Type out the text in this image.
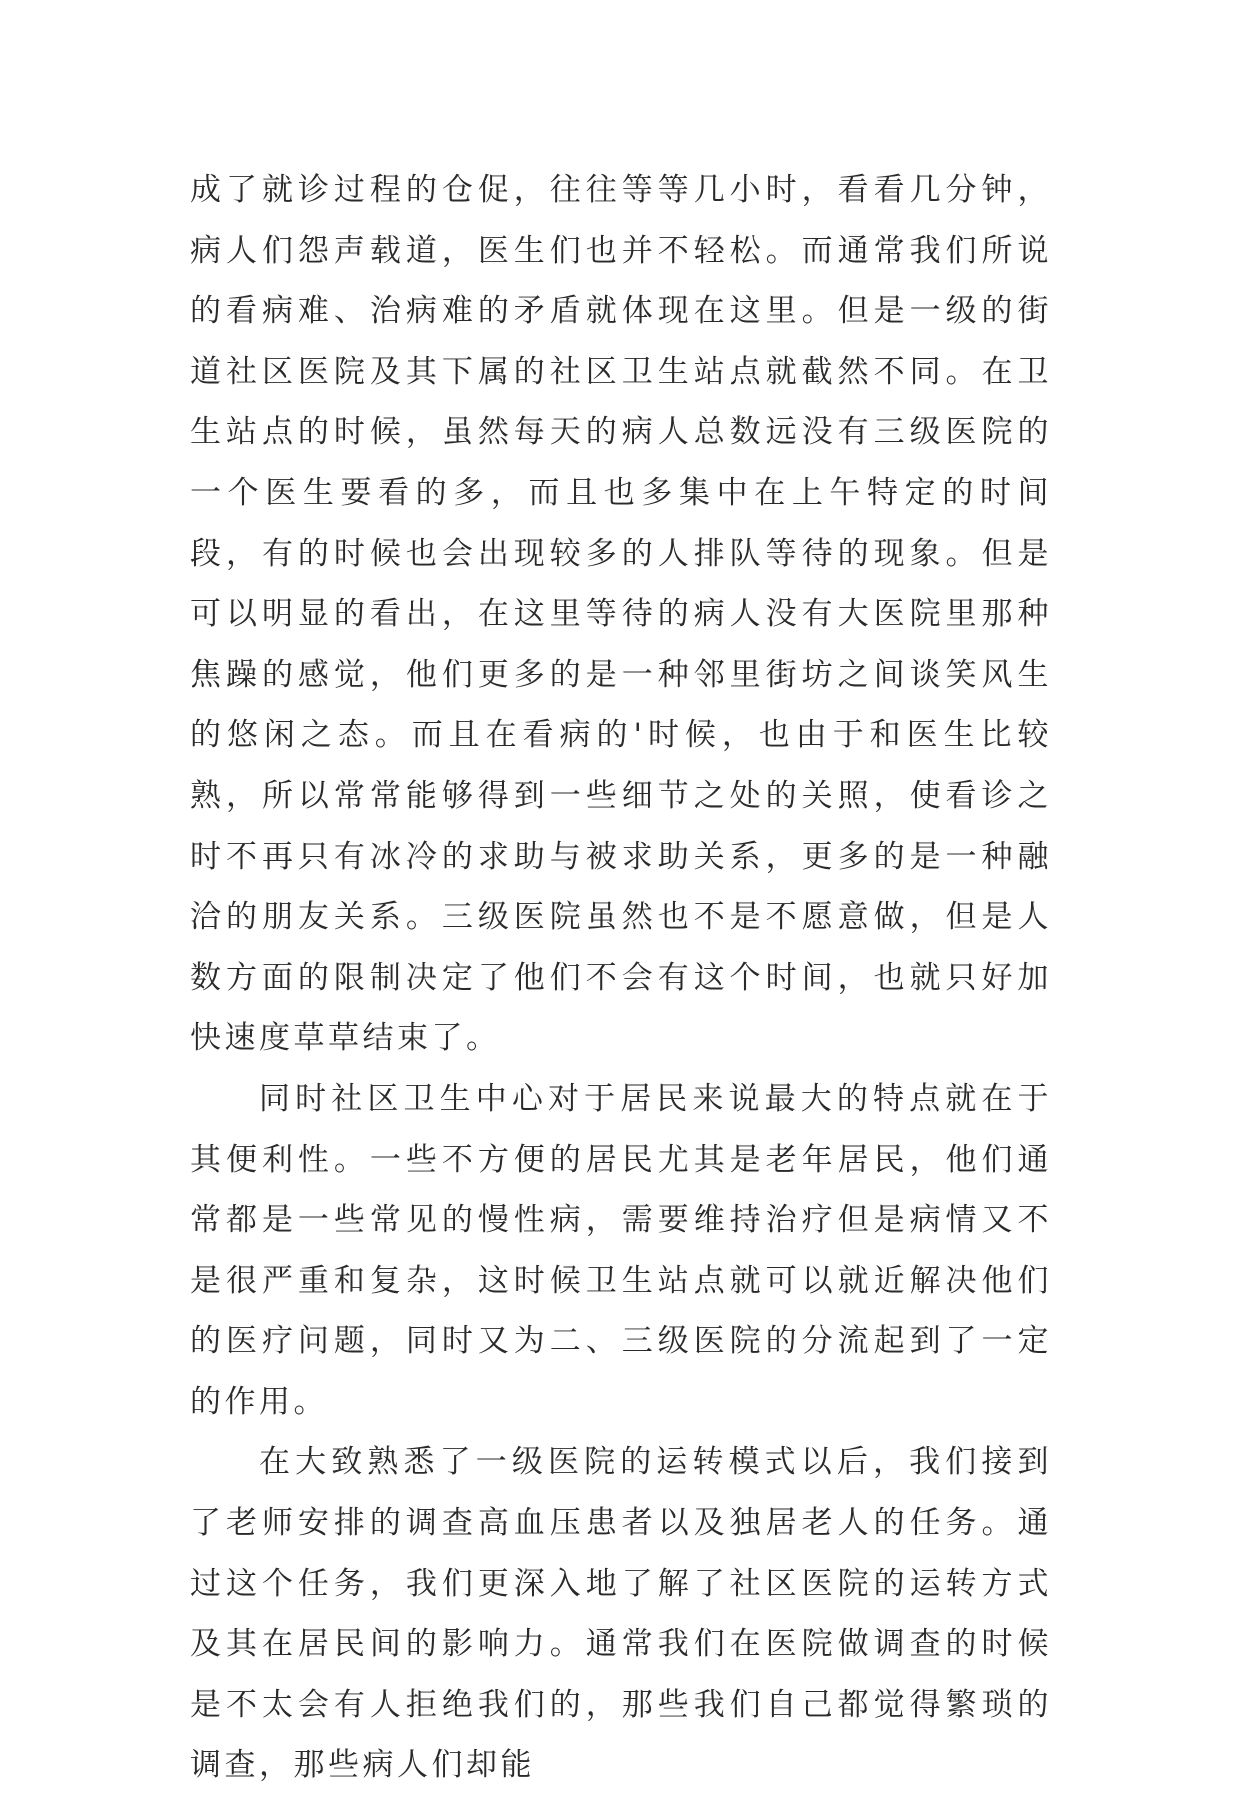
成了就诊过程的仓促，往往等等几小时，看看几分钟，病人们怨声载道，医生们也并不轻松。而通常我们所说的看病难、治病难的矛盾就体现在这里。但是一级的街道社区医院及其下属的社区卫生站点就截然不同。在卫生站点的时候，虽然每天的病人总数远没有三级医院的一个医生要看的多，而且也多集中在上午特定的时间段，有的时候也会出现较多的人排队等待的现象。但是可以明显的看出，在这里等待的病人没有大医院里那种焦躁的感觉，他们更多的是一种邻里街坊之间谈笑风生的悠闲之态。而且在看病的'时候，也由于和医生比较熟，所以常常能够得到一些细节之处的关照，使看诊之时不再只有冰冷的求助与被求助关系，更多的是一种融洽的朋友关系。三级医院虽然也不是不愿意做，但是人数方面的限制决定了他们不会有这个时间，也就只好加快速度草草结束了。

同时社区卫生中心对于居民来说最大的特点就在于其便利性。一些不方便的居民尤其是老年居民，他们通常都是一些常见的慢性病，需要维持治疗但是病情又不是很严重和复杂，这时候卫生站点就可以就近解决他们的医疗问题，同时又为二、三级医院的分流起到了一定的作用。

在大致熟悉了一级医院的运转模式以后，我们接到了老师安排的调查高血压患者以及独居老人的任务。通过这个任务，我们更深入地了解了社区医院的运转方式及其在居民间的影响力。通常我们在医院做调查的时候是不太会有人拒绝我们的，那些我们自己都觉得繁琐的调查，那些病人们却能
